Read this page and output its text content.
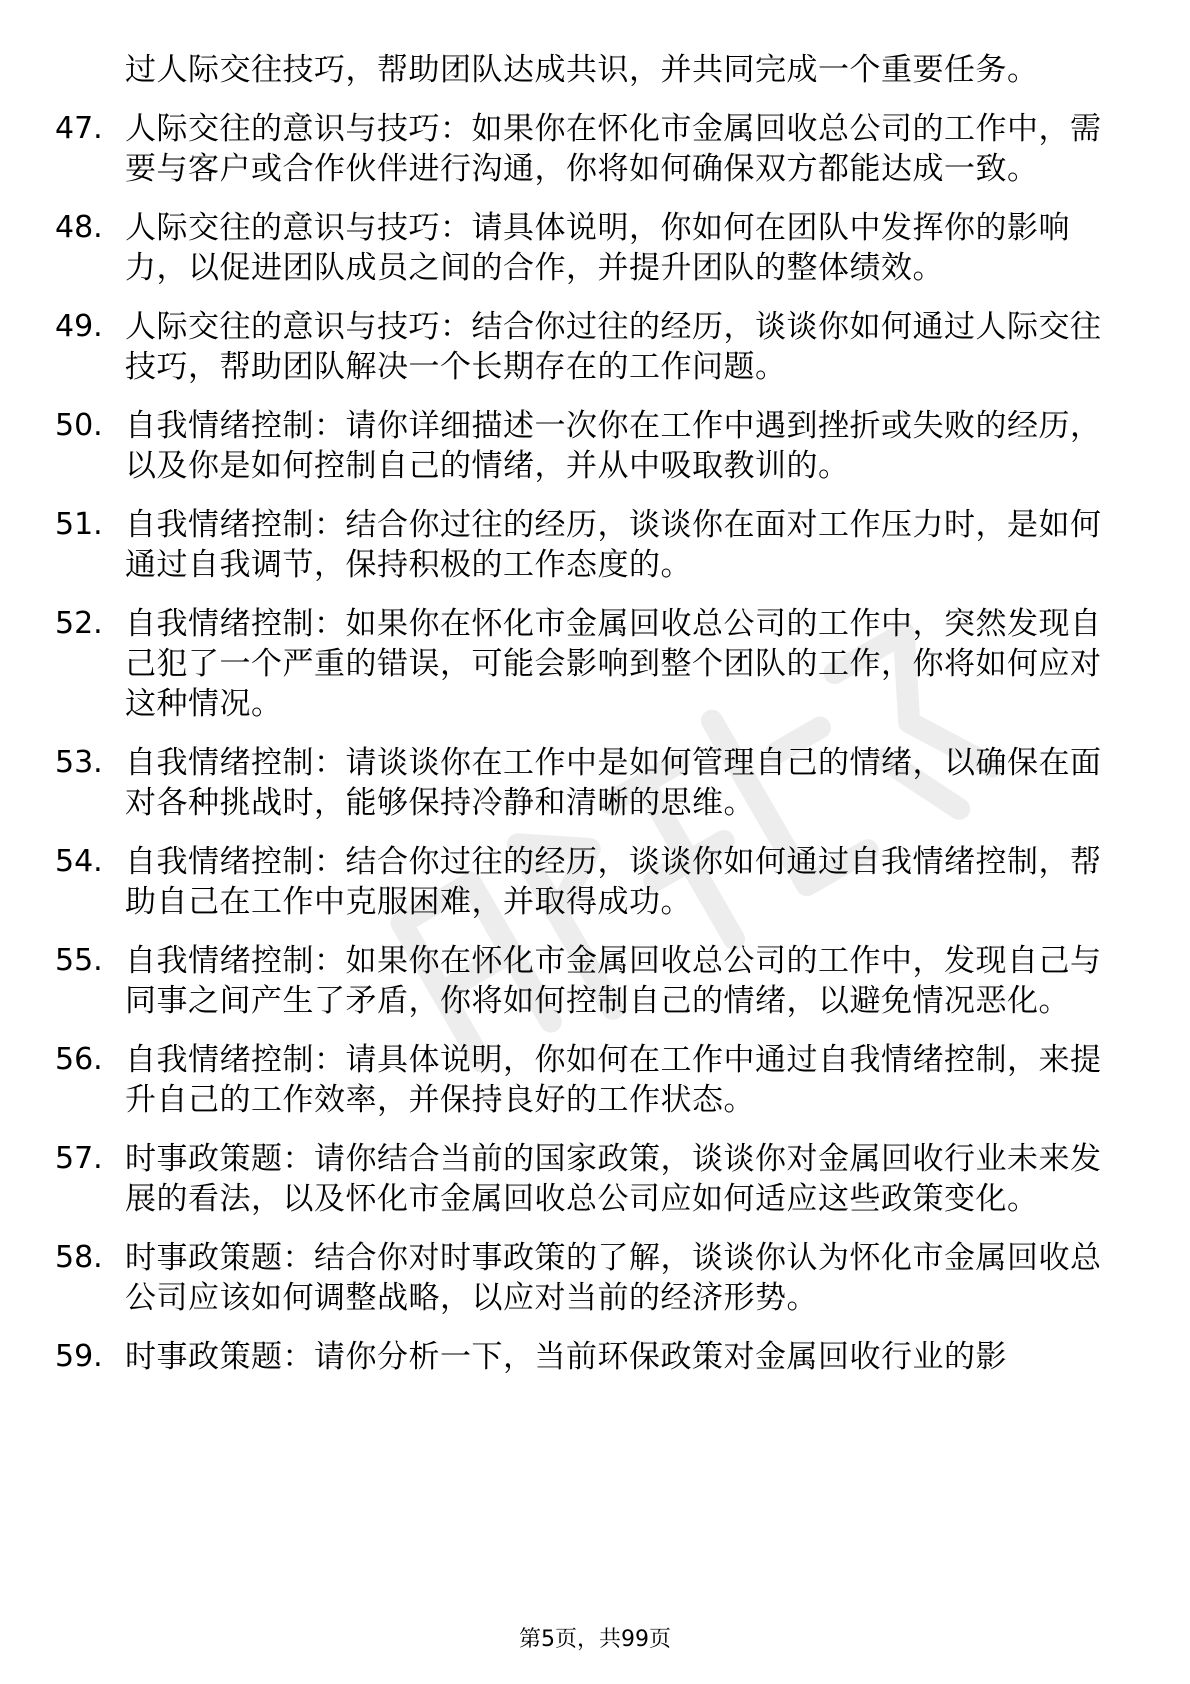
过人际交往技巧，帮助团队达成共识，并共同完成一个重要任务。
47. 人际交往的意识与技巧：如果你在怀化市金属回收总公司的工作中，需要与客户或合作伙伴进行沟通，你将如何确保双方都能达成一致。
48. 人际交往的意识与技巧：请具体说明，你如何在团队中发挥你的影响力，以促进团队成员之间的合作，并提升团队的整体绩效。
49. 人际交往的意识与技巧：结合你过往的经历，谈谈你如何通过人际交往技巧，帮助团队解决一个长期存在的工作问题。
50. 自我情绪控制：请你详细描述一次你在工作中遇到挫折或失败的经历，以及你是如何控制自己的情绪，并从中吸取教训的。
51. 自我情绪控制：结合你过往的经历，谈谈你在面对工作压力时，是如何通过自我调节，保持积极的工作态度的。
52. 自我情绪控制：如果你在怀化市金属回收总公司的工作中，突然发现自己犯了一个严重的错误，可能会影响到整个团队的工作，你将如何应对这种情况。
53. 自我情绪控制：请谈谈你在工作中是如何管理自己的情绪，以确保在面对各种挑战时，能够保持冷静和清晰的思维。
54. 自我情绪控制：结合你过往的经历，谈谈你如何通过自我情绪控制，帮助自己在工作中克服困难，并取得成功。
55. 自我情绪控制：如果你在怀化市金属回收总公司的工作中，发现自己与同事之间产生了矛盾，你将如何控制自己的情绪，以避免情况恶化。
56. 自我情绪控制：请具体说明，你如何在工作中通过自我情绪控制，来提升自己的工作效率，并保持良好的工作状态。
57. 时事政策题：请你结合当前的国家政策，谈谈你对金属回收行业未来发展的看法，以及怀化市金属回收总公司应如何适应这些政策变化。
58. 时事政策题：结合你对时事政策的了解，谈谈你认为怀化市金属回收总公司应该如何调整战略，以应对当前的经济形势。
59. 时事政策题：请你分析一下，当前环保政策对金属回收行业的影
第5页，共99页
